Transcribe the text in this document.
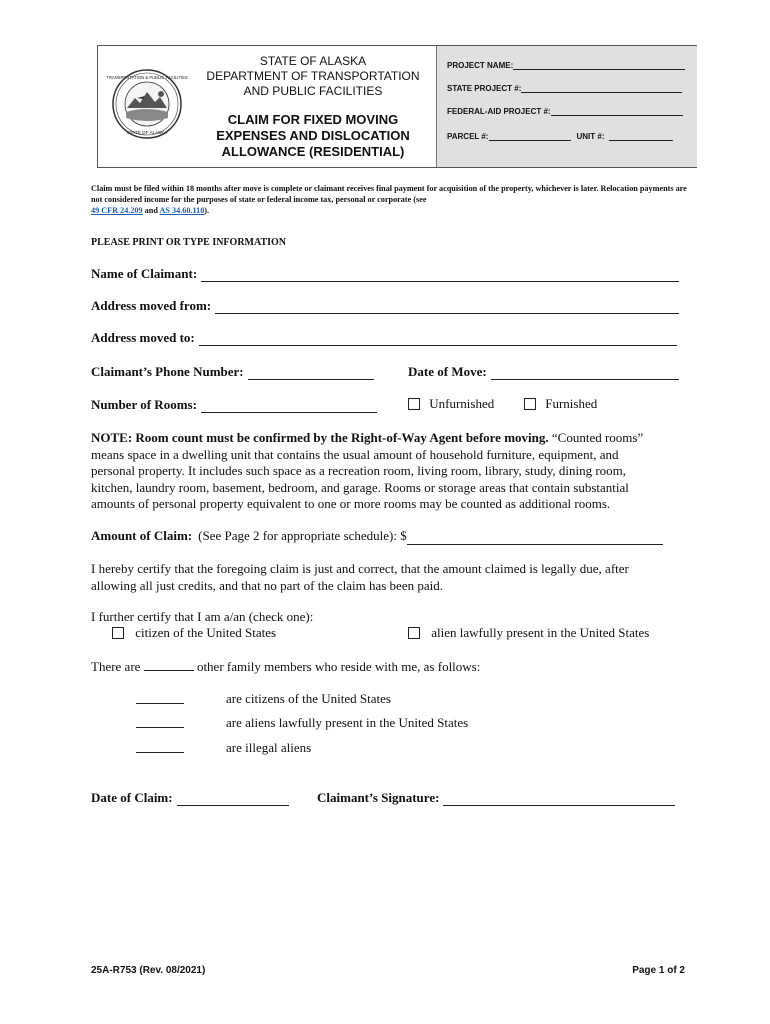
TRANSPORTATION & PUBLIC FACILITIES
STATE OF ALASKA
STATE OF ALASKA
DEPARTMENT OF TRANSPORTATION
AND PUBLIC FACILITIES
CLAIM FOR FIXED MOVING
EXPENSES AND DISLOCATION
ALLOWANCE (RESIDENTIAL)
PROJECT NAME:
STATE PROJECT #:
FEDERAL-AID PROJECT #:
PARCEL #:	UNIT #:
Claim must be filed within 18 months after move is complete or claimant receives final payment for acquisition of the property, whichever is later. Relocation payments are not considered income for the purposes of state or federal income tax, personal or corporate (see
49 CFR 24.209 and AS 34.60.110).
PLEASE PRINT OR TYPE INFORMATION
Name of Claimant:
Address moved from:
Address moved to:
Claimant’s Phone Number:	Date of Move:
Number of Rooms:	Unfurnished	Furnished
NOTE: Room count must be confirmed by the Right-of-Way Agent before moving. “Counted rooms”
means space in a dwelling unit that contains the usual amount of household furniture, equipment, and
personal property. It includes such space as a recreation room, living room, library, study, dining room,
kitchen, laundry room, basement, bedroom, and garage. Rooms or storage areas that contain substantial
amounts of personal property equivalent to one or more rooms may be counted as additional rooms.
Amount of Claim: (See Page 2 for appropriate schedule): $
I hereby certify that the foregoing claim is just and correct, that the amount claimed is legally due, after
allowing all just credits, and that no part of the claim has been paid.
I further certify that I am a/an (check one):
citizen of the United States	alien lawfully present in the United States
There are	other family members who reside with me, as follows:
are citizens of the United States
are aliens lawfully present in the United States
are illegal aliens
Date of Claim:	Claimant’s Signature:
25A-R753 (Rev. 08/2021)	Page 1 of 2
